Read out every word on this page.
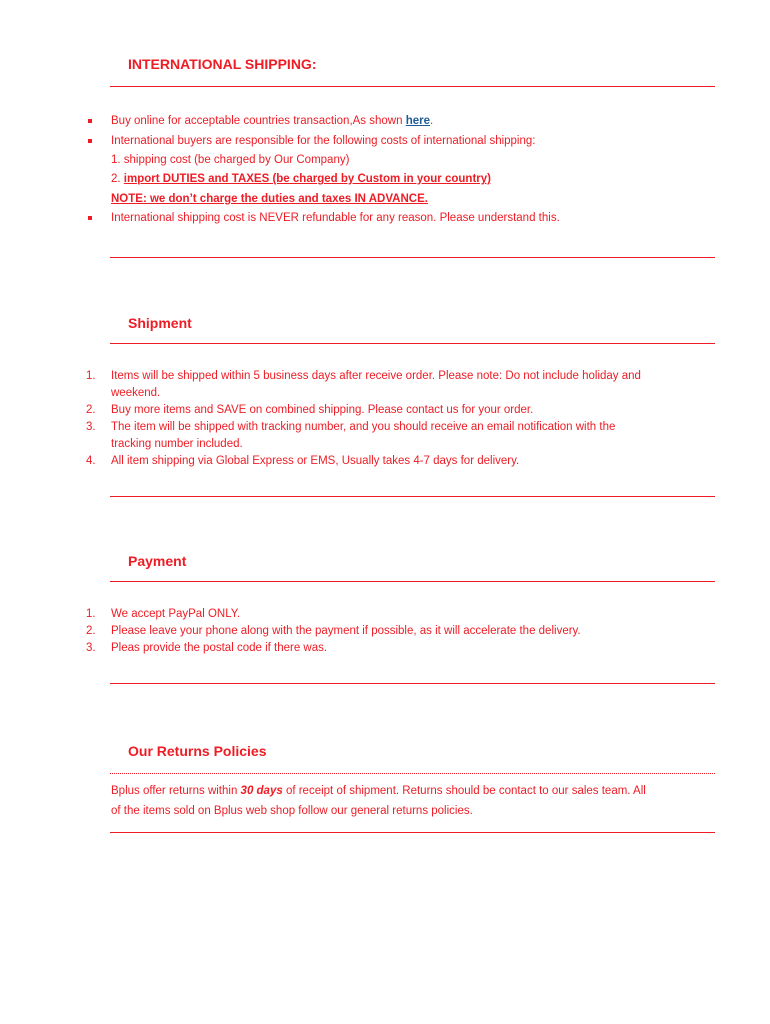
INTERNATIONAL SHIPPING:
Buy online for acceptable countries transaction,As shown here.
International buyers are responsible for the following costs of international shipping:
1. shipping cost (be charged by Our Company)
2. import DUTIES and TAXES (be charged by Custom in your country)
NOTE: we don’t charge the duties and taxes IN ADVANCE.
International shipping cost is NEVER refundable for any reason. Please understand this.
Shipment
1. Items will be shipped within 5 business days after receive order. Please note: Do not include holiday and
weekend.
2. Buy more items and SAVE on combined shipping. Please contact us for your order.
3. The item will be shipped with tracking number, and you should receive an email notification with the
tracking number included.
4. All item shipping via Global Express or EMS, Usually takes 4-7 days for delivery.
Payment
1. We accept PayPal ONLY.
2. Please leave your phone along with the payment if possible, as it will accelerate the delivery.
3. Pleas provide the postal code if there was.
Our Returns Policies
Bplus offer returns within 30 days of receipt of shipment. Returns should be contact to our sales team. All
of the items sold on Bplus web shop follow our general returns policies.
